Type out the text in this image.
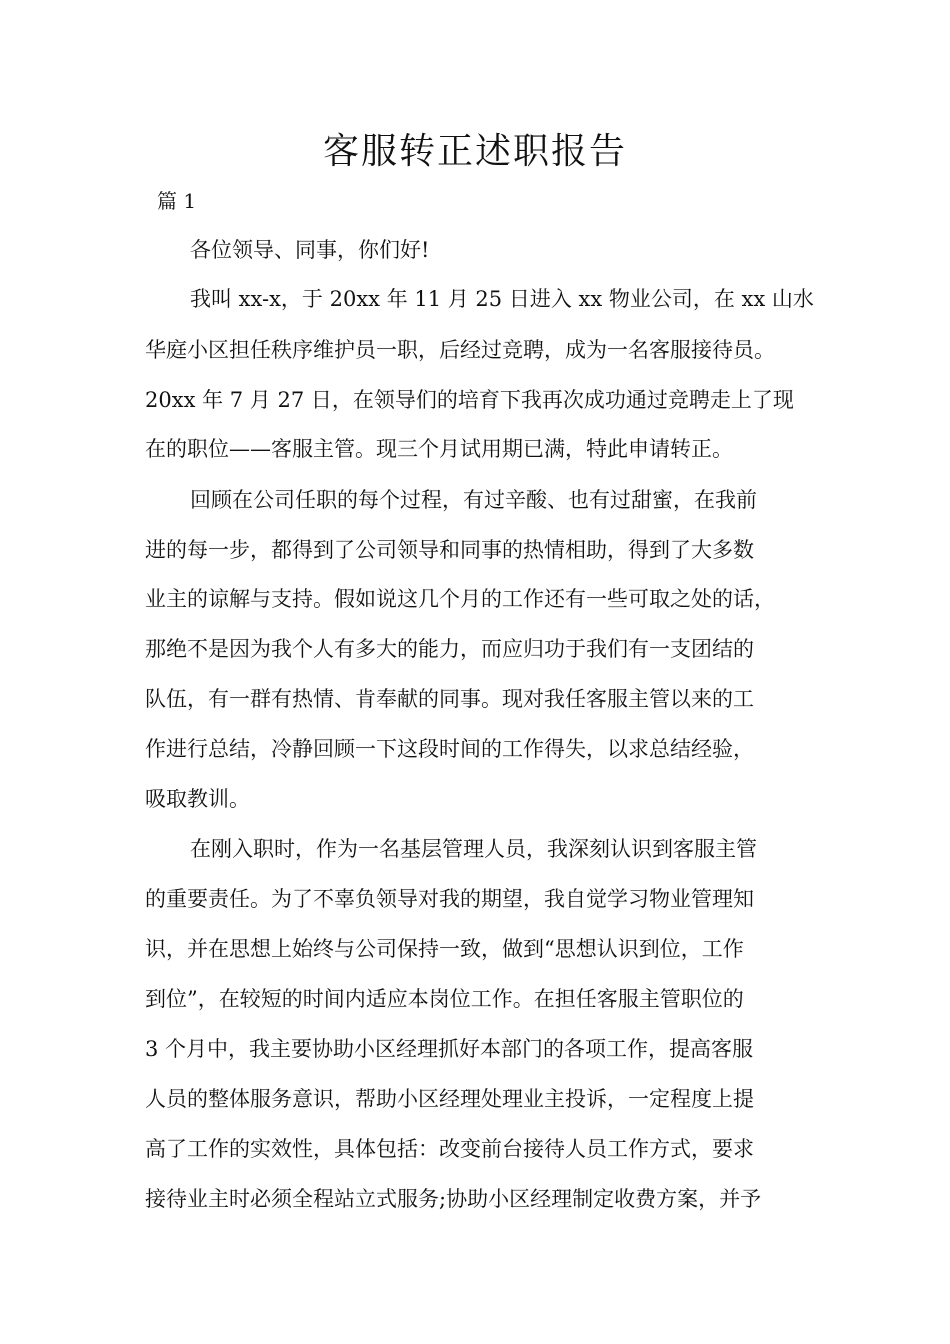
客服转正述职报告
篇 1
各位领导、同事，你们好!
我叫 xx-x，于 20xx 年 11 月 25 日进入 xx 物业公司，在 xx 山水
华庭小区担任秩序维护员一职，后经过竞聘，成为一名客服接待员。
20xx 年 7 月 27 日，在领导们的培育下我再次成功通过竞聘走上了现
在的职位——客服主管。现三个月试用期已满，特此申请转正。
回顾在公司任职的每个过程，有过辛酸、也有过甜蜜，在我前
进的每一步，都得到了公司领导和同事的热情相助，得到了大多数
业主的谅解与支持。假如说这几个月的工作还有一些可取之处的话，
那绝不是因为我个人有多大的能力，而应归功于我们有一支团结的
队伍，有一群有热情、肯奉献的同事。现对我任客服主管以来的工
作进行总结，冷静回顾一下这段时间的工作得失，以求总结经验，
吸取教训。
在刚入职时，作为一名基层管理人员，我深刻认识到客服主管
的重要责任。为了不辜负领导对我的期望，我自觉学习物业管理知
识，并在思想上始终与公司保持一致，做到“思想认识到位，工作
到位”，在较短的时间内适应本岗位工作。在担任客服主管职位的
3 个月中，我主要协助小区经理抓好本部门的各项工作，提高客服
人员的整体服务意识，帮助小区经理处理业主投诉，一定程度上提
高了工作的实效性，具体包括：改变前台接待人员工作方式，要求
接待业主时必须全程站立式服务;协助小区经理制定收费方案，并予
